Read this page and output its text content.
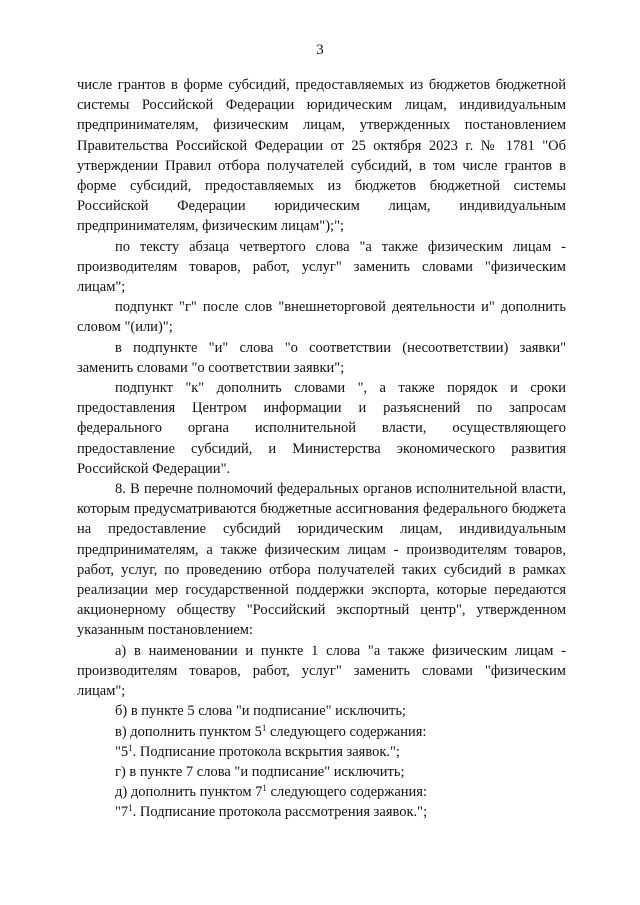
3

числе грантов в форме субсидий, предоставляемых из бюджетов бюджетной системы Российской Федерации юридическим лицам, индивидуальным предпринимателям, физическим лицам, утвержденных постановлением Правительства Российской Федерации от 25 октября 2023 г. № 1781 "Об утверждении Правил отбора получателей субсидий, в том числе грантов в форме субсидий, предоставляемых из бюджетов бюджетной системы Российской Федерации юридическим лицам, индивидуальным предпринимателям, физическим лицам");";

по тексту абзаца четвертого слова "а также физическим лицам - производителям товаров, работ, услуг" заменить словами "физическим лицам";

подпункт "г" после слов "внешнеторговой деятельности и" дополнить словом "(или)";

в подпункте "и" слова "о соответствии (несоответствии) заявки" заменить словами "о соответствии заявки";

подпункт "к" дополнить словами ", а также порядок и сроки предоставления Центром информации и разъяснений по запросам федерального органа исполнительной власти, осуществляющего предоставление субсидий, и Министерства экономического развития Российской Федерации".

8. В перечне полномочий федеральных органов исполнительной власти, которым предусматриваются бюджетные ассигнования федерального бюджета на предоставление субсидий юридическим лицам, индивидуальным предпринимателям, а также физическим лицам - производителям товаров, работ, услуг, по проведению отбора получателей таких субсидий в рамках реализации мер государственной поддержки экспорта, которые передаются акционерному обществу "Российский экспортный центр", утвержденном указанным постановлением:

а) в наименовании и пункте 1 слова "а также физическим лицам - производителям товаров, работ, услуг" заменить словами "физическим лицам";

б) в пункте 5 слова "и подписание" исключить;

в) дополнить пунктом $5^1$ следующего содержания:

"$5^1$. Подписание протокола вскрытия заявок.";

г) в пункте 7 слова "и подписание" исключить;

д) дополнить пунктом $7^1$ следующего содержания:

"$7^1$. Подписание протокола рассмотрения заявок.";
